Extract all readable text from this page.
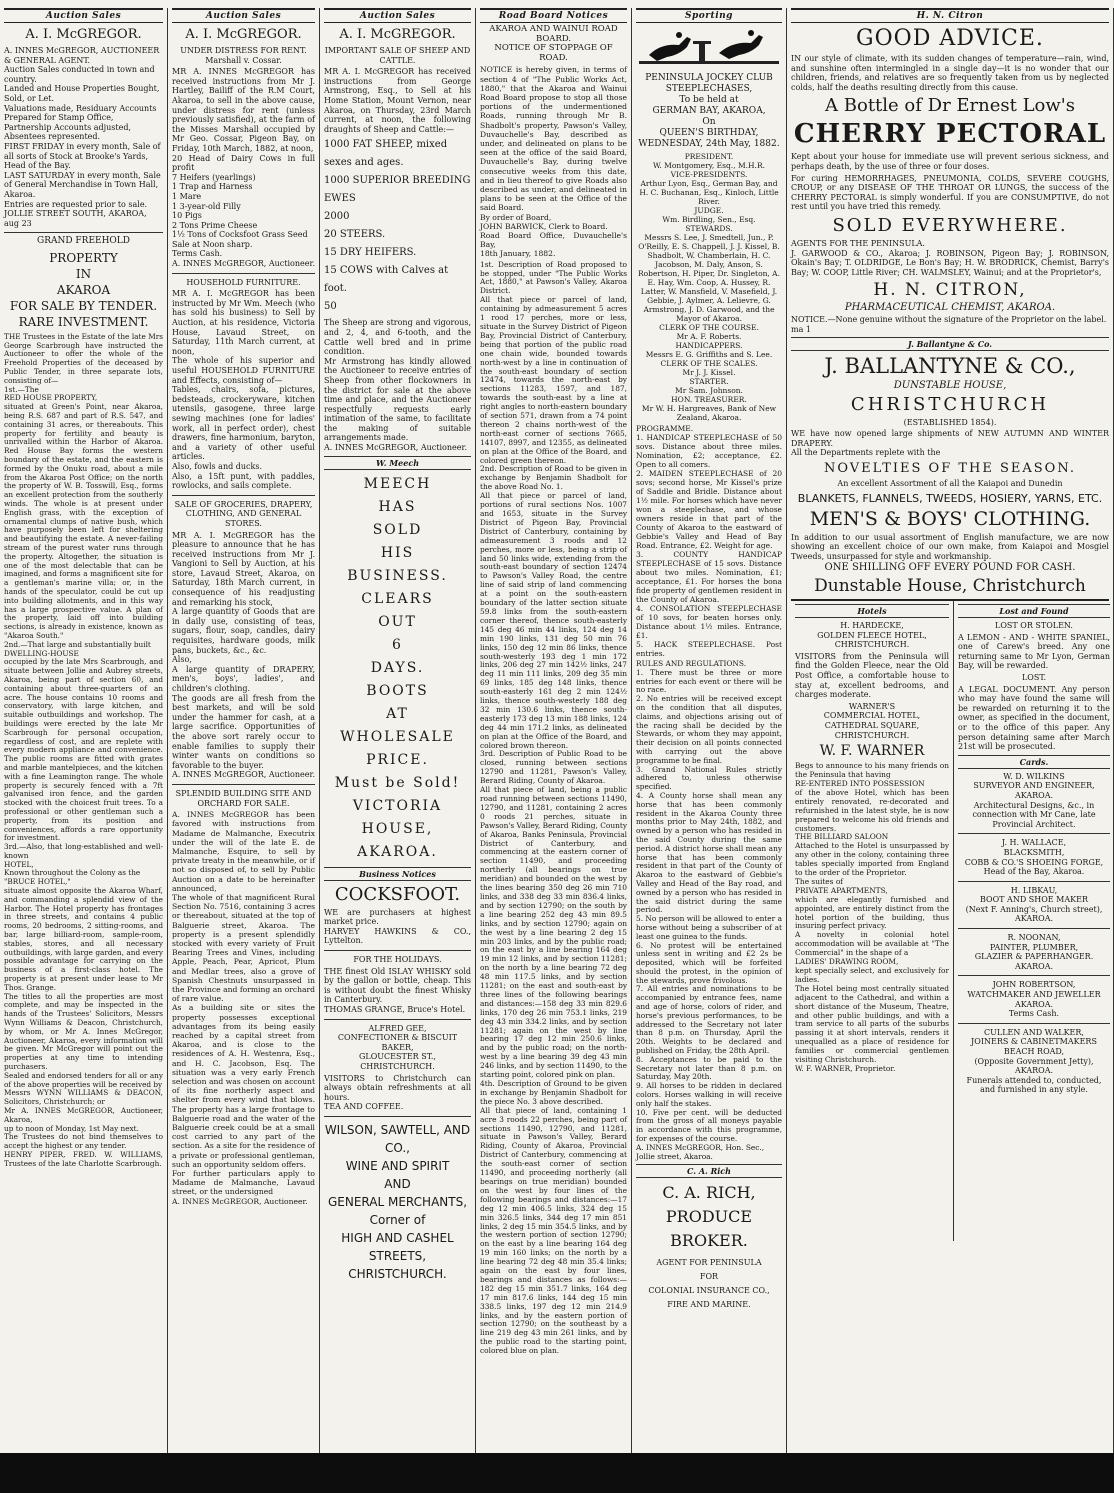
Auction Sales
A. I. McGREGOR.
A. INNES McGREGOR, AUCTIONEER & GENERAL AGENT.
Auction Sales conducted in town and country.
Landed and House Properties Bought, Sold, or Let.
Valuations made, Residuary Accounts Prepared for Stamp Office, Partnership Accounts adjusted, Absentees represented.
FIRST FRIDAY in every month, Sale of all sorts of Stock at Brooke's Yards, Head of the Bay.
LAST SATURDAY in every month, Sale of General Merchandise in Town Hall, Akaroa.
Entries are requested prior to sale.
JOLLIE STREET SOUTH, AKAROA,
aug 23
GRAND FREEHOLD
PROPERTY
IN
AKAROA
FOR SALE BY TENDER.
RARE INVESTMENT.
THE Trustees in the Estate of the late Mrs George Scarbrough have instructed the Auctioneer to offer the whole of the Freehold Properties of the deceased by Public Tender, in three separate lots, consisting of—
1st.—The
RED HOUSE PROPERTY,
situated at Green's Point, near Akaroa, being R.S. 687 and part of R.S. 547, and containing 31 acres, or thereabouts. This property for fertility and beauty is unrivalled within the Harbor of Akaroa. Red House Bay forms the western boundary of the estate, and the eastern is formed by the Onuku road, about a mile from the Akaroa Post Office; on the north the property of W. B. Tosswill, Esq., forms an excellent protection from the southerly winds. The whole is at present under English grass, with the exception of ornamental clumps of native bush, which have purposely been left for sheltering and beautifying the estate. A never-failing stream of the purest water runs through the property. Altogether, the situation is one of the most delectable that can be imagined, and forms a magnificent site for a gentleman's marine villa; or, in the hands of the speculator, could be cut up into building allotments, and in this way has a large prospective value. A plan of the property, laid off into building sections, is already in existence, known as "Akaroa South."
2nd.—That large and substantially built
DWELLING-HOUSE
occupied by the late Mrs Scarbrough, and situate between Jollie and Aubrey streets, Akaroa, being part of section 60, and containing about three-quarters of an acre. The house contains 10 rooms and conservatory, with large kitchen, and suitable outbuildings and workshop. The buildings were erected by the late Mr Scarbrough for personal occupation, regardless of cost, and are replete with every modern appliance and convenience. The public rooms are fitted with grates and marble mantelpieces, and the kitchen with a fine Leamington range. The whole property is securely fenced with a 7ft galvanised iron fence, and the garden stocked with the choicest fruit trees. To a professional or other gentleman such a property, from its position and conveniences, affords a rare opportunity for investment.
3rd.—Also, that long-established and well-known
HOTEL,
Known throughout the Colony as the
"BRUCE HOTEL,"
situate almost opposite the Akaroa Wharf, and commanding a splendid view of the Harbor. The Hotel property has frontages in three streets, and contains 4 public rooms, 20 bedrooms, 2 sitting-rooms, and bar, large billiard-room, sample-room, stables, stores, and all necessary outbuildings, with large garden, and every possible advantage for carrying on the business of a first-class hotel. The property is at present under lease to Mr Thos. Grange.
The titles to all the properties are most complete, and may be inspected in the hands of the Trustees' Solicitors, Messrs Wynn Williams & Deacon, Christchurch, by whom, or Mr A. Innes McGregor, Auctioneer, Akaroa, every information will be given. Mr McGregor will point out the properties at any time to intending purchasers.
Sealed and endorsed tenders for all or any of the above properties will be received by
Messrs WYNN WILLIAMS & DEACON, Solicitors, Christchurch; or
Mr A. INNES McGREGOR, Auctioneer, Akaroa,
up to noon of Monday, 1st May next.
The Trustees do not bind themselves to accept the highest or any tender.
HENRY PIPER, FRED. W. WILLIAMS, Trustees of the late Charlotte Scarbrough.
Auction Sales
A. I. McGREGOR.
UNDER DISTRESS FOR RENT.
Marshall v. Cossar.
MR A. INNES McGREGOR has received instructions from Mr J. Hartley, Bailiff of the R.M Court, Akaroa, to sell in the above cause, under distress for rent (unless previously satisfied), at the farm of the Misses Marshall occupied by Mr Geo. Cossar, Pigeon Bay, on Friday, 10th March, 1882, at noon,
20 Head of Dairy Cows in full profit
7 Heifers (yearlings)
1 Trap and Harness
1 Mare
1 3-year-old Filly
10 Pigs
2 Tons Prime Cheese
1½ Tons of Cocksfoot Grass Seed
Sale at Noon sharp.
Terms Cash.
A. INNES McGREGOR, Auctioneer.
HOUSEHOLD FURNITURE.
MR A. I. McGREGOR has been instructed by Mr Wm. Meech (who has sold his business) to Sell by Auction, at his residence, Victoria House, Lavaud Street, on Saturday, 11th March current, at noon,
The whole of his superior and useful HOUSEHOLD FURNITURE and Effects, consisting of—
Tables, chairs, sofa, pictures, bedsteads, crockeryware, kitchen utensils, gasogene, three large sewing machines (one for ladies' work, all in perfect order), chest drawers, fine harmonium, baryton, and a variety of other useful articles.
Also, fowls and ducks.
Also, a 15ft punt, with paddles, rowlocks, and sails complete.
SALE OF GROCERIES, DRAPERY, CLOTHING, AND GENERAL STORES.
MR A. I. McGREGOR has the pleasure to announce that he has received instructions from Mr J. Vangioni to Sell by Auction, at his store, Lavaud Street, Akaroa, on Saturday, 18th March current, in consequence of his readjusting and remarking his stock,
A large quantity of Goods that are in daily use, consisting of teas, sugars, flour, soap, candles, dairy requisites, hardware goods, milk pans, buckets, &c., &c.
Also,
A large quantity of DRAPERY, men's, boys', ladies', and children's clothing.
The goods are all fresh from the best markets, and will be sold under the hammer for cash, at a large sacrifice. Opportunities of the above sort rarely occur to enable families to supply their winter wants on conditions so favorable to the buyer.
A. INNES McGREGOR, Auctioneer.
SPLENDID BUILDING SITE AND ORCHARD FOR SALE.
A. INNES McGREGOR has been favored with instructions from Madame de Malmanche, Executrix under the will of the late E. de Malmanche, Esquire, to sell by private treaty in the meanwhile, or if not so disposed of, to sell by Public Auction on a date to be hereinafter announced,
The whole of that magnificent Rural Section No. 7516, containing 3 acres or thereabout, situated at the top of Balguerie street, Akaroa. The property is a present splendidly stocked with every variety of Fruit Bearing Trees and Vines, including Apple, Peach, Pear, Apricot, Plum and Medlar trees, also a grove of Spanish Chestnuts unsurpassed in the Province and forming an orchard of rare value.
As a building site or sites the property possesses exceptional advantages from its being easily reached by a capital street from Akaroa, and is close to the residences of A. H. Westenra, Esq., and H. C. Jacobson, Esq. The situation was a very early French selection and was chosen on account of its fine northerly aspect and shelter from every wind that blows. The property has a large frontage to Balguerie road and the water of the Balguerie creek could be at a small cost carried to any part of the section. As a site for the residence of a private or professional gentleman, such an opportunity seldom offers.
For further particulars apply to Madame de Malmanche, Lavaud street, or the undersigned
A. INNES McGREGOR, Auctioneer.
Auction Sales
A. I. McGREGOR.
IMPORTANT SALE OF SHEEP AND CATTLE.
MR A. I. McGREGOR has received instructions from George Armstrong, Esq., to Sell at his Home Station, Mount Vernon, near Akaroa, on Thursday, 23rd March current, at noon, the following draughts of Sheep and Cattle:—
1000 FAT SHEEP, mixed sexes and ages.
1000 SUPERIOR BREEDING EWES
2000
20 STEERS.
15 DRY HEIFERS.
15 COWS with Calves at foot.
50
The Sheep are strong and vigorous, and 2, 4, and 6-tooth, and the Cattle well bred and in prime condition.
Mr Armstrong has kindly allowed the Auctioneer to receive entries of Sheep from other flockowners in the district for sale at the above time and place, and the Auctioneer respectfully requests early intimation of the same, to facilitate the making of suitable arrangements made.
A. INNES McGREGOR, Auctioneer.
W. Meech
MEECH
HAS
SOLD
HIS
BUSINESS.
CLEARS
OUT
6
DAYS.
BOOTS
AT
WHOLESALE
PRICE.
Must be Sold!
VICTORIA HOUSE,
AKAROA.
Business Notices
COCKSFOOT.
WE are purchasers at highest market price.
HARVEY HAWKINS & CO., Lyttelton.
FOR THE HOLIDAYS.
THE finest Old ISLAY WHISKY sold by the gallon or bottle, cheap. This is without doubt the finest Whisky in Canterbury.
THOMAS GRANGE, Bruce's Hotel.
ALFRED GEE,
CONFECTIONER & BISCUIT BAKER,
GLOUCESTER ST., CHRISTCHURCH.
VISITORS to Christchurch can always obtain refreshments at all hours.
TEA AND COFFEE.
WILSON, SAWTELL, AND CO.,
WINE AND SPIRIT
AND
GENERAL MERCHANTS,
Corner of
HIGH AND CASHEL STREETS,
CHRISTCHURCH.
Road Board Notices
AKAROA AND WAINUI ROAD BOARD.
NOTICE OF STOPPAGE OF ROAD.
NOTICE is hereby given, in terms of section 4 of "The Public Works Act, 1880," that the Akaroa and Wainui Road Board propose to stop all those portions of the undermentioned Roads, running through Mr B. Shadbolt's property, Pawson's Valley, Duvauchelle's Bay, described as under, and delineated on plans to be seen at the office of the said Board, Duvauchelle's Bay, during twelve consecutive weeks from this date, and in lieu thereof to give Roads also described as under, and delineated in plans to be seen at the Office of the said Board.
By order of Board,
JOHN BARWICK, Clerk to Board.
Road Board Office, Duvauchelle's Bay,
18th January, 1882.
1st. Description of Road proposed to be stopped, under "The Public Works Act, 1880," at Pawson's Valley, Akaroa District.
All that piece or parcel of land, containing by admeasurement 5 acres 1 rood 17 perches, more or less, situate in the Survey District of Pigeon Bay, Provincial District of Canterbury, being that portion of the public road one chain wide, bounded towards north-west by a line in continuation of the south-east boundary of section 12474, towards the north-east by sections 11283, 1597, and 187, towards the south-east by a line at right angles to north-eastern boundary of section 571, drawn from a 74 point thereon 2 chains north-west of the north-east corner of sections 7665, 14107, 8997, and 12355, as delineated on plan at the Office of the Board, and colored green thereon.
2nd. Description of Road to be given in exchange by Benjamin Shadbolt for the above Road No. 1.
All that piece or parcel of land, portions of rural sections Nos. 1007 and 1653, situate in the Survey District of Pigeon Bay, Provincial District of Canterbury, containing by admeasurement 3 roods and 12 perches, more or less, being a strip of land 50 links wide, extending from the south-east boundary of section 12474 to Pawson's Valley Road, the centre line of said strip of land commencing at a point on the south-eastern boundary of the latter section situate 59.8 links from the south-eastern corner thereof, thence south-easterly 145 deg 46 min 44 links, 124 deg 14 min 190 links, 131 deg 50 min 76 links, 150 deg 12 min 86 links, thence south-westerly 193 deg 1 min 172 links, 206 deg 27 min 142½ links, 247 deg 11 min 111 links, 209 deg 35 min 69 links, 185 deg 148 links, thence south-easterly 161 deg 2 min 124½ links, thence south-westerly 188 deg 32 min 130.6 links, thence south-easterly 173 deg 13 min 188 links, 124 deg 44 min 171.2 links, as delineated on plan at the Office of the Board, and colored brown thereon.
3rd. Description of Public Road to be closed, running between sections 12790 and 11281, Pawson's Valley, Berard Riding, County of Akaroa.
All that piece of land, being a public road running between sections 11490, 12790, and 11281, containing 2 acres 0 roods 21 perches, situate in Pawson's Valley, Berard Riding, County of Akaroa, Banks Peninsula, Provincial District of Canterbury, and commencing at the eastern corner of section 11490, and proceeding northerly (all bearings on true meridian) and bounded on the west by the lines bearing 350 deg 26 min 710 links, and 338 deg 33 min 836.4 links, and by section 12790; on the south by a line bearing 252 deg 43 min 89.5 links, and by section 12790; again on the west by a line bearing 2 deg 15 min 203 links, and by the public road; on the east by a line bearing 164 deg 19 min 12 links, and by section 11281; on the north by a line bearing 72 deg 48 min 117.5 links, and by section 11281; on the east and south-east by three lines of the following bearings and distances:—158 deg 33 min 829.6 links, 170 deg 26 min 753.1 links, 219 deg 43 min 334.2 links, and by section 11281; again on the west by line bearing 17 deg 12 min 250.6 links, and by the public road; on the north-west by a line bearing 39 deg 43 min 246 links, and by section 11490, to the starting point, colored pink on plan.
4th. Description of Ground to be given in exchange by Benjamin Shadbolt for the piece No. 3 above described.
All that piece of land, containing 1 acre 3 roods 22 perches, being part of sections 11490, 12790, and 11281, situate in Pawson's Valley, Berard Riding, County of Akaroa, Provincial District of Canterbury, commencing at the south-east corner of section 11490, and proceeding northerly (all bearings on true meridian) bounded on the west by four lines of the following bearings and distances:—17 deg 12 min 406.5 links, 324 deg 15 min 326.5 links, 344 deg 17 min 851 links, 2 deg 15 min 354.5 links, and by the western portion of section 12790; on the east by a line bearing 164 deg 19 min 160 links; on the north by a line bearing 72 deg 48 min 35.4 links; again on the east by four lines, bearings and distances as follows:—182 deg 15 min 351.7 links, 164 deg 17 min 817.6 links, 144 deg 15 min 338.5 links, 197 deg 12 min 214.9 links, and by the eastern portion of section 12790; on the southeast by a line 219 deg 43 min 261 links, and by the public road to the starting point, colored blue on plan.
Sporting
PENINSULA JOCKEY CLUB
STEEPLECHASES,
To be held at
GERMAN BAY, AKAROA,
On
QUEEN'S BIRTHDAY, WEDNESDAY, 24th May, 1882.
PRESIDENT.
W. Montgomery, Esq., M.H.R.
VICE-PRESIDENTS.
Arthur Lyon, Esq., German Bay, and H. C. Buchanan, Esq., Kinloch, Little River.
JUDGE.
Wm. Birdling, Sen., Esq.
STEWARDS.
Messrs S. Lee, J. Smedtell, Jun., P. O'Reilly, E. S. Chappell, J. J. Kissel, B. Shadbolt, W. Chamberlain, H. C. Jacobson, M. Daly, Anson, S. Robertson, H. Piper, Dr. Singleton, A. E. Hay, Wm. Coop, A. Hussey, R. Latter, W. Mansfield, V. Masefield, J. Gebbie, J. Aylmer, A. Lelievre, G. Armstrong, J. D. Garwood, and the Mayor of Akaroa.
CLERK OF THE COURSE.
Mr A. F. Roberts.
HANDICAPPERS.
Messrs E. G. Griffiths and S. Lee.
CLERK OF THE SCALES.
Mr J. J. Kissel.
STARTER.
Mr Sam. Johnson.
HON. TREASURER.
Mr W. H. Hargreaves, Bank of New Zealand, Akaroa.
PROGRAMME.
1. HANDICAP STEEPLECHASE of 50 sovs. Distance about three miles. Nomination, £2; acceptance, £2. Open to all comers.
2. MAIDEN STEEPLECHASE of 20 sovs; second horse, Mr Kissel's prize of Saddle and Bridle. Distance about 1½ mile. For horses which have never won a steeplechase, and whose owners reside in that part of the County of Akaroa to the eastward of Gebbie's Valley and Head of Bay Road. Entrance, £2. Weight for age.
3. COUNTY HANDICAP STEEPLECHASE of 15 sovs. Distance about two miles. Nomination, £1; acceptance, £1. For horses the bona fide property of gentlemen resident in the County of Akaroa.
4. CONSOLATION STEEPLECHASE of 10 sovs, for beaten horses only. Distance about 1½ miles. Entrance, £1.
5. HACK STEEPLECHASE. Post entries.
RULES AND REGULATIONS.
1. There must be three or more entries for each event or there will be no race.
2. No entries will be received except on the condition that all disputes, claims, and objections arising out of the racing shall be decided by the Stewards, or whom they may appoint, their decision on all points connected with carrying out the above programme to be final.
3. Grand National Rules strictly adhered to, unless otherwise specified.
4. A County horse shall mean any horse that has been commonly resident in the Akaroa County three months prior to May 24th, 1882, and owned by a person who has resided in the said County during the same period. A district horse shall mean any horse that has been commonly resident in that part of the County of Akaroa to the eastward of Gebbie's Valley and Head of the Bay road, and owned by a person who has resided in the said district during the same period.
5. No person will be allowed to enter a horse without being a subscriber of at least one guinea to the funds.
6. No protest will be entertained unless sent in writing and £2 2s be deposited, which will be forfeited should the protest, in the opinion of the stewards, prove frivolous.
7. All entries and nominations to be accompanied by entrance fees, name and age of horse, colors of rider, and horse's previous performances, to be addressed to the Secretary not later than 8 p.m. on Thursday, April the 20th. Weights to be declared and published on Friday, the 28th April.
8. Acceptances to be paid to the Secretary not later than 8 p.m. on Saturday, May 20th.
9. All horses to be ridden in declared colors. Horses walking in will receive only half the stakes.
10. Five per cent. will be deducted from the gross of all moneys payable in accordance with this programme, for expenses of the course.
A. INNES McGREGOR, Hon. Sec.,
Jollie street, Akaroa.
C. A. Rich
C. A. RICH,
PRODUCE BROKER.
AGENT FOR PENINSULA
FOR
COLONIAL INSURANCE CO.,
FIRE AND MARINE.
H. N. Citron
GOOD ADVICE.
IN our style of climate, with its sudden changes of temperature—rain, wind, and sunshine often intermingled in a single day—it is no wonder that our children, friends, and relatives are so frequently taken from us by neglected colds, half the deaths resulting directly from this cause.
A Bottle of Dr Ernest Low's
CHERRY PECTORAL
Kept about your house for immediate use will prevent serious sickness, and perhaps death, by the use of three or four doses.
For curing HEMORRHAGES, PNEUMONIA, COLDS, SEVERE COUGHS, CROUP, or any DISEASE OF THE THROAT OR LUNGS, the success of the CHERRY PECTORAL is simply wonderful. If you are CONSUMPTIVE, do not rest until you have tried this remedy.
SOLD EVERYWHERE.
AGENTS FOR THE PENINSULA.
J. GARWOOD & CO., Akaroa; J. ROBINSON, Pigeon Bay; J. ROBINSON, Okain's Bay; T. OLDRIDGE, Le Bon's Bay; H. W. BRODRICK, Chemist, Barry's Bay; W. COOP, Little River; CH. WALMSLEY, Wainui; and at the Proprietor's,
H. N. CITRON,
PHARMACEUTICAL CHEMIST, AKAROA.
NOTICE.—None genuine without the signature of the Proprietor on the label.
ma 1
J. Ballantyne & Co.
J. BALLANTYNE & CO.,
DUNSTABLE HOUSE,
CHRISTCHURCH
(ESTABLISHED 1854).
WE have now opened large shipments of NEW AUTUMN AND WINTER DRAPERY.
All the Departments replete with the
NOVELTIES OF THE SEASON.
An excellent Assortment of all the Kaiapoi and Dunedin
BLANKETS, FLANNELS, TWEEDS, HOSIERY, YARNS, ETC.
MEN'S & BOYS' CLOTHING.
In addition to our usual assortment of English manufacture, we are now showing an excellent choice of our own make, from Kaiapoi and Mosgiel Tweeds, unsurpassed for style and workmanship.
ONE SHILLING OFF EVERY POUND FOR CASH.
Dunstable House, Christchurch
Hotels
H. HARDECKE,
GOLDEN FLEECE HOTEL,
CHRISTCHURCH.
VISITORS from the Peninsula will find the Golden Fleece, near the Old Post Office, a comfortable house to stay at, excellent bedrooms, and charges moderate.
WARNER'S
COMMERCIAL HOTEL,
CATHEDRAL SQUARE,
CHRISTCHURCH.
W. F. WARNER
Begs to announce to his many friends on the Peninsula that having
RE-ENTERED INTO POSSESSION
of the above Hotel, which has been entirely renovated, re-decorated and refurnished in the latest style, he is now prepared to welcome his old friends and customers.
THE BILLIARD SALOON
Attached to the Hotel is unsurpassed by any other in the colony, containing three tables specially imported from England to the order of the Proprietor.
The suites of
PRIVATE APARTMENTS,
which are elegantly furnished and appointed, are entirely distinct from the hotel portion of the building, thus insuring perfect privacy.
A novelty in colonial hotel accommodation will be available at "The Commercial" in the shape of a
LADIES' DRAWING ROOM,
kept specially select, and exclusively for ladies.
The Hotel being most centrally situated adjacent to the Cathedral, and within a short distance of the Museum, Theatre, and other public buildings, and with a tram service to all parts of the suburbs passing it at short intervals, renders it unequalled as a place of residence for families or commercial gentlemen visiting Christchurch.
W. F. WARNER, Proprietor.
Lost and Found
LOST OR STOLEN.
A LEMON - AND - WHITE SPANIEL, one of Carew's breed. Any one returning same to Mr Lyon, German Bay, will be rewarded.
LOST.
A LEGAL DOCUMENT. Any person who may have found the same will be rewarded on returning it to the owner, as specified in the document, or to the office of this paper. Any person detaining same after March 21st will be prosecuted.
Cards.
W. D. WILKINS
SURVEYOR AND ENGINEER,
AKAROA.
Architectural Designs, &c., in connection with Mr Cane, late Provincial Architect.
J. H. WALLACE,
BLACKSMITH,
COBB & CO.'S SHOEING FORGE,
Head of the Bay, Akaroa.
H. LIBKAU,
BOOT AND SHOE MAKER
(Next F. Anning's, Church street),
AKAROA.
R. NOONAN,
PAINTER, PLUMBER,
GLAZIER & PAPERHANGER.
AKAROA.
JOHN ROBERTSON,
WATCHMAKER AND JEWELLER
AKAROA.
Terms Cash.
CULLEN AND WALKER,
JOINERS & CABINETMAKERS
BEACH ROAD,
(Opposite Government Jetty),
AKAROA.
Funerals attended to, conducted, and furnished in any style.
